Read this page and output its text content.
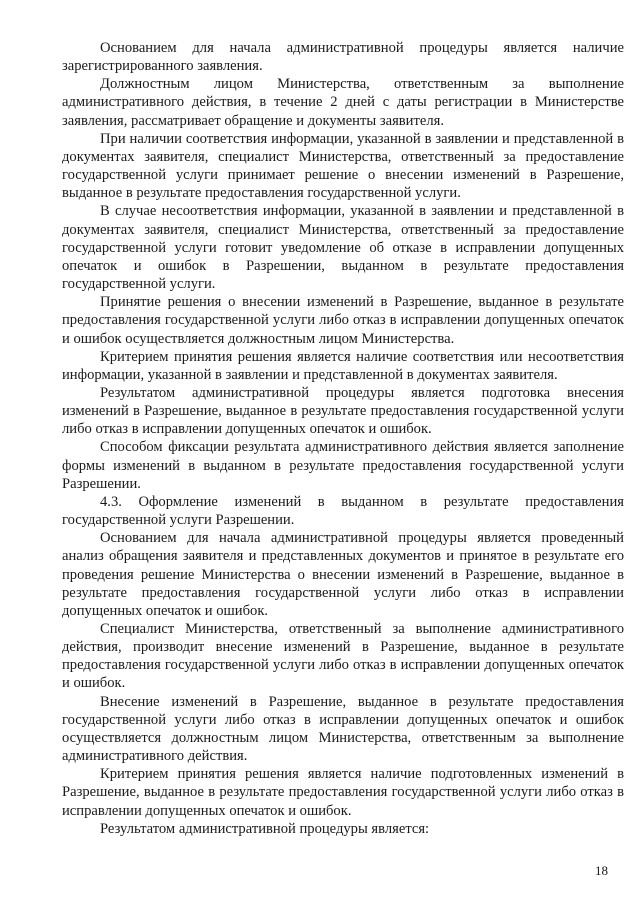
Основанием для начала административной процедуры является наличие зарегистрированного заявления.

Должностным лицом Министерства, ответственным за выполнение административного действия, в течение 2 дней с даты регистрации в Министерстве заявления, рассматривает обращение и документы заявителя.

При наличии соответствия информации, указанной в заявлении и представленной в документах заявителя, специалист Министерства, ответственный за предоставление государственной услуги принимает решение о внесении изменений в Разрешение, выданное в результате предоставления государственной услуги.

В случае несоответствия информации, указанной в заявлении и представленной в документах заявителя, специалист Министерства, ответственный за предоставление государственной услуги готовит уведомление об отказе в исправлении допущенных опечаток и ошибок в Разрешении, выданном в результате предоставления государственной услуги.

Принятие решения о внесении изменений в Разрешение, выданное в результате предоставления государственной услуги либо отказ в исправлении допущенных опечаток и ошибок осуществляется должностным лицом Министерства.

Критерием принятия решения является наличие соответствия или несоответствия информации, указанной в заявлении и представленной в документах заявителя.

Результатом административной процедуры является подготовка внесения изменений в Разрешение, выданное в результате предоставления государственной услуги либо отказ в исправлении допущенных опечаток и ошибок.

Способом фиксации результата административного действия является заполнение формы изменений в выданном в результате предоставления государственной услуги Разрешении.

4.3. Оформление изменений в выданном в результате предоставления государственной услуги Разрешении.

Основанием для начала административной процедуры является проведенный анализ обращения заявителя и представленных документов и принятое в результате его проведения решение Министерства о внесении изменений в Разрешение, выданное в результате предоставления государственной услуги либо отказ в исправлении допущенных опечаток и ошибок.

Специалист Министерства, ответственный за выполнение административного действия, производит внесение изменений в Разрешение, выданное в результате предоставления государственной услуги либо отказ в исправлении допущенных опечаток и ошибок.

Внесение изменений в Разрешение, выданное в результате предоставления государственной услуги либо отказ в исправлении допущенных опечаток и ошибок осуществляется должностным лицом Министерства, ответственным за выполнение административного действия.

Критерием принятия решения является наличие подготовленных изменений в Разрешение, выданное в результате предоставления государственной услуги либо отказ в исправлении допущенных опечаток и ошибок.

Результатом административной процедуры является:

18
